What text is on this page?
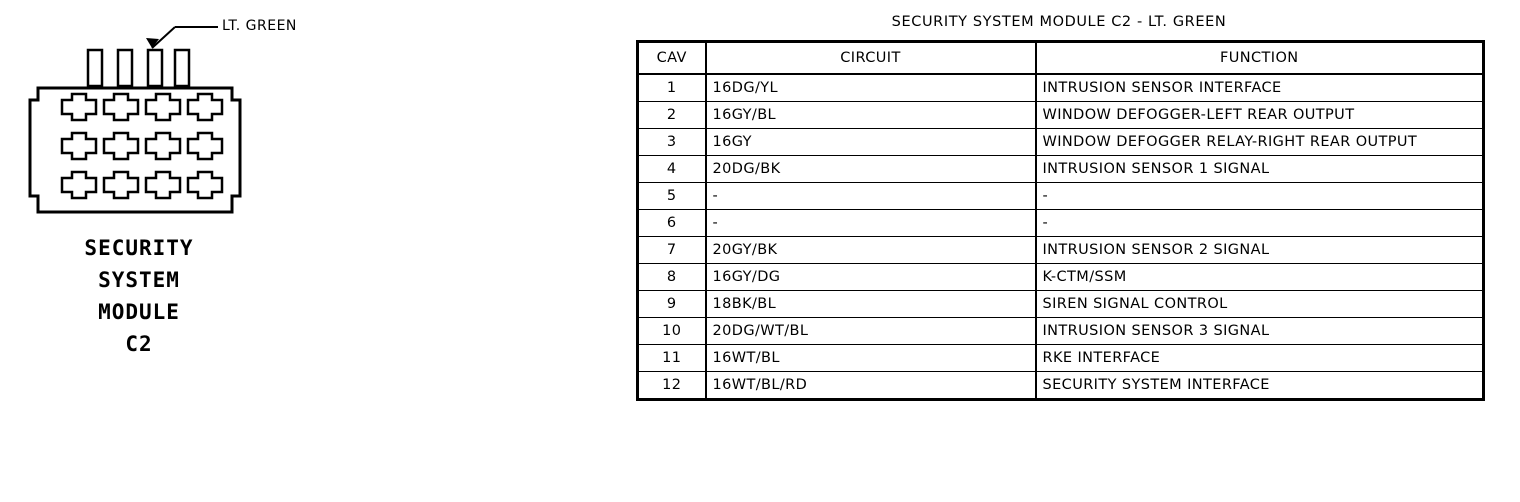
LT. GREEN
SECURITY
SYSTEM
MODULE
C2
SECURITY SYSTEM MODULE C2 - LT. GREEN
CAV	CIRCUIT	FUNCTION
1	16DG/YL	INTRUSION SENSOR INTERFACE
2	16GY/BL	WINDOW DEFOGGER-LEFT REAR OUTPUT
3	16GY	WINDOW DEFOGGER RELAY-RIGHT REAR OUTPUT
4	20DG/BK	INTRUSION SENSOR 1 SIGNAL
5	-	-
6	-	-
7	20GY/BK	INTRUSION SENSOR 2 SIGNAL
8	16GY/DG	K-CTM/SSM
9	18BK/BL	SIREN SIGNAL CONTROL
10	20DG/WT/BL	INTRUSION SENSOR 3 SIGNAL
11	16WT/BL	RKE INTERFACE
12	16WT/BL/RD	SECURITY SYSTEM INTERFACE
